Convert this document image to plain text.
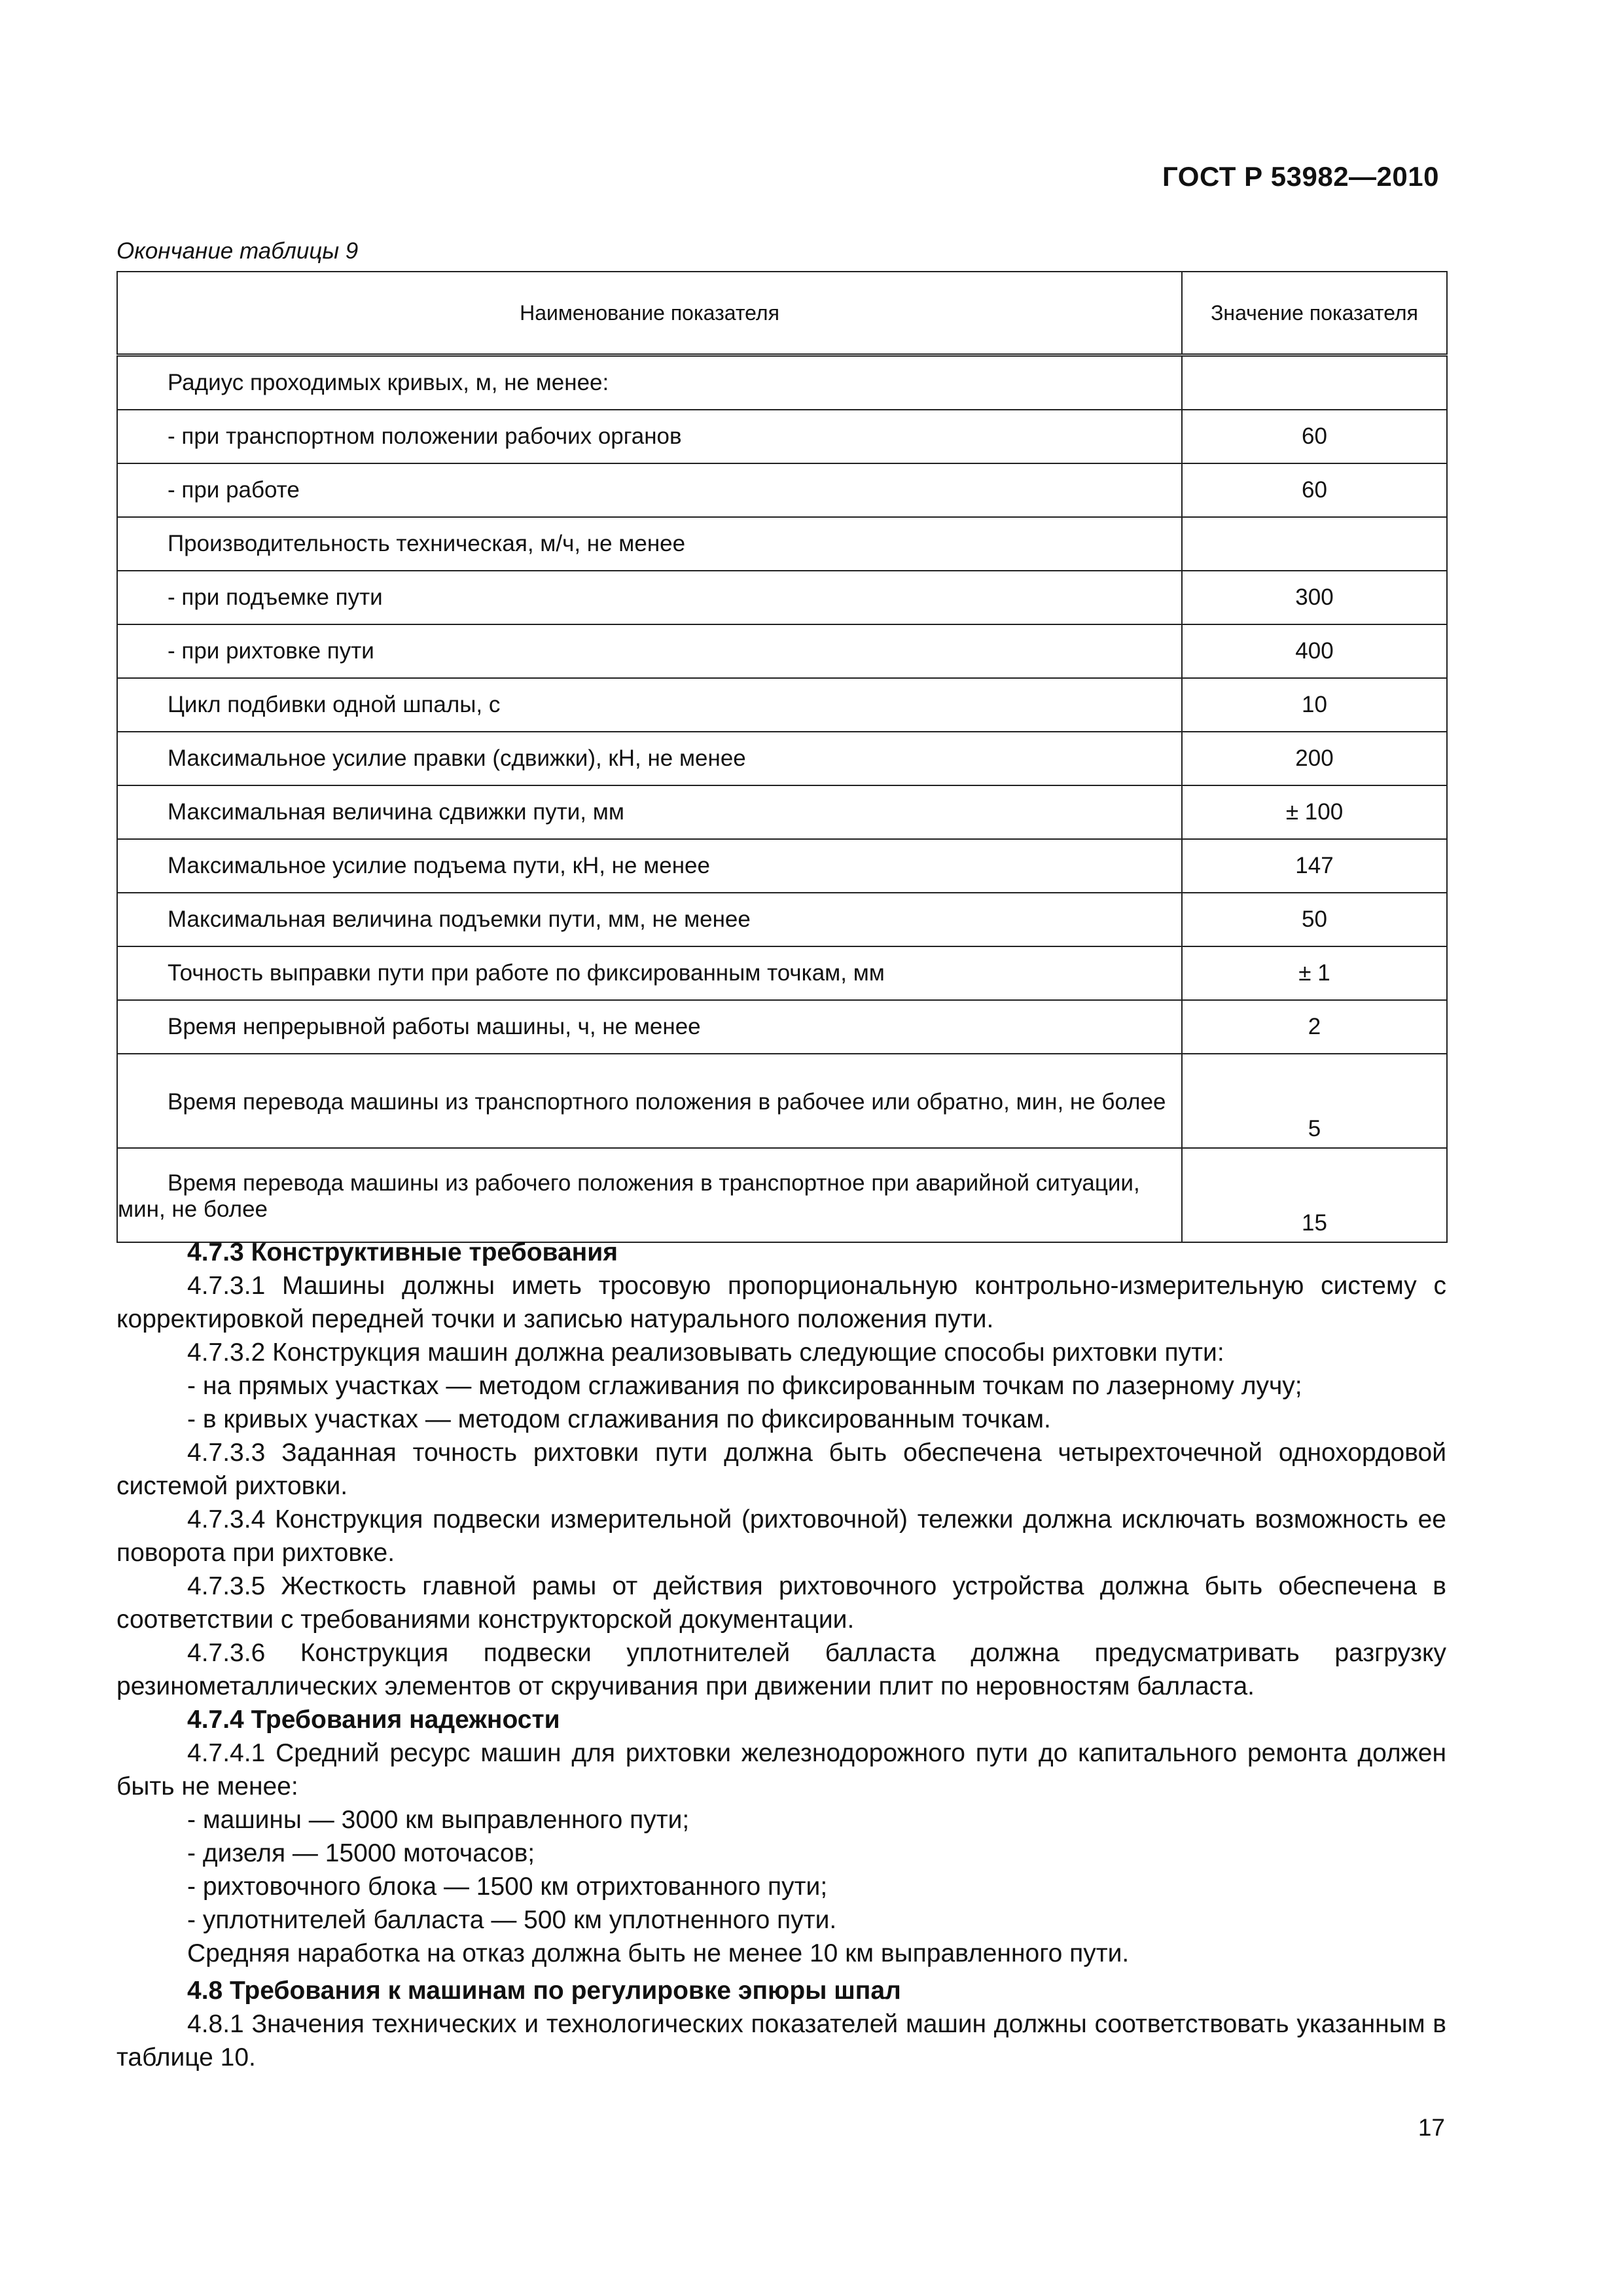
ГОСТ Р 53982—2010
Окончание таблицы 9
Наименование показателя	Значение показателя
Радиус проходимых кривых, м, не менее:	
- при транспортном положении рабочих органов	60
- при работе	60
Производительность техническая, м/ч, не менее	
- при подъемке пути	300
- при рихтовке пути	400
Цикл подбивки одной шпалы, с	10
Максимальное усилие правки (сдвижки), кН, не менее	200
Максимальная величина сдвижки пути, мм	± 100
Максимальное усилие подъема пути, кН, не менее	147
Максимальная величина подъемки пути, мм, не менее	50
Точность выправки пути при работе по фиксированным точкам, мм	± 1
Время непрерывной работы машины, ч, не менее	2
Время перевода машины из транспортного положения в рабочее или обратно, мин, не более	5
Время перевода машины из рабочего положения в транспортное при аварийной ситуации, мин, не более	15

4.7.3 Конструктивные требования

4.7.3.1 Машины должны иметь тросовую пропорциональную контрольно-измерительную систему с корректировкой передней точки и записью натурального положения пути.

4.7.3.2 Конструкция машин должна реализовывать следующие способы рихтовки пути:

- на прямых участках — методом сглаживания по фиксированным точкам по лазерному лучу;

- в кривых участках — методом сглаживания по фиксированным точкам.

4.7.3.3 Заданная точность рихтовки пути должна быть обеспечена четырехточечной однохордовой системой рихтовки.

4.7.3.4 Конструкция подвески измерительной (рихтовочной) тележки должна исключать возможность ее поворота при рихтовке.

4.7.3.5 Жесткость главной рамы от действия рихтовочного устройства должна быть обеспечена в соответствии с требованиями конструкторской документации.

4.7.3.6 Конструкция подвески уплотнителей балласта должна предусматривать разгрузку резинометаллических элементов от скручивания при движении плит по неровностям балласта.

4.7.4 Требования надежности

4.7.4.1 Средний ресурс машин для рихтовки железнодорожного пути до капитального ремонта должен быть не менее:

- машины — 3000 км выправленного пути;

- дизеля — 15000 моточасов;

- рихтовочного блока — 1500 км отрихтованного пути;

- уплотнителей балласта — 500 км уплотненного пути.

Средняя наработка на отказ должна быть не менее 10 км выправленного пути.

4.8 Требования к машинам по регулировке эпюры шпал

4.8.1 Значения технических и технологических показателей машин должны соответствовать указанным в таблице 10.

17
